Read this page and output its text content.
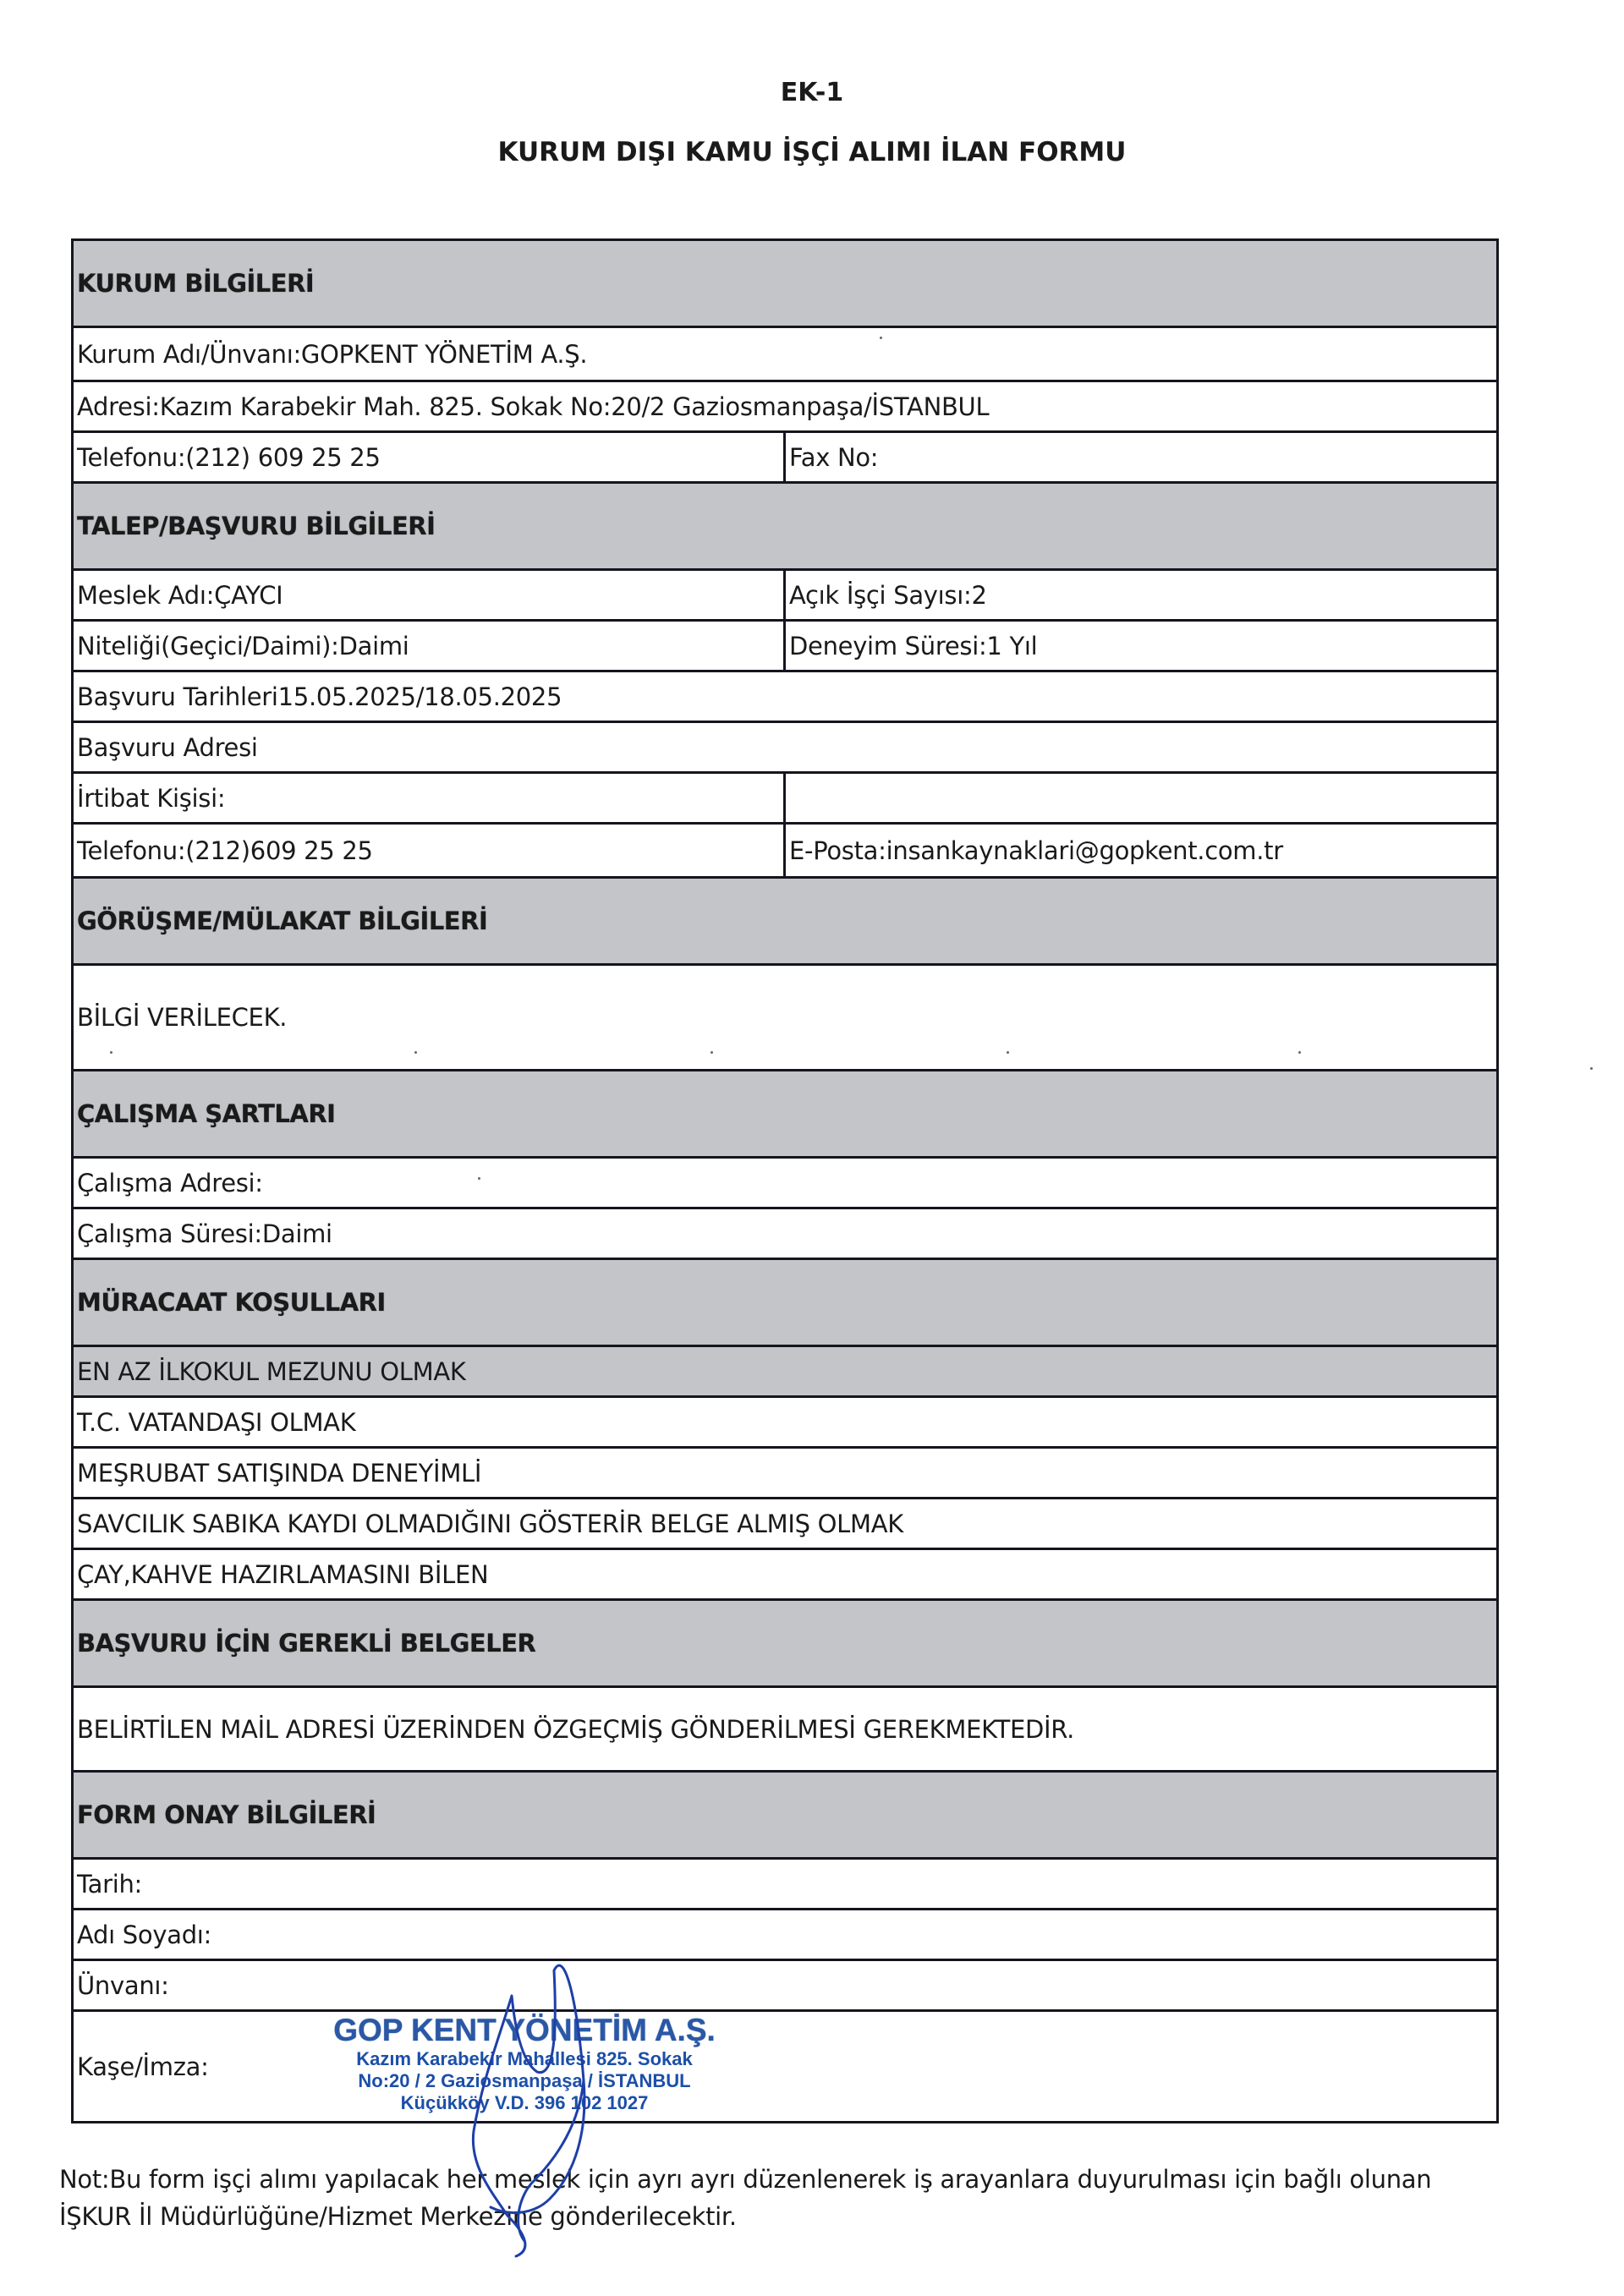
EK-1
KURUM DIŞI KAMU İŞÇİ ALIMI İLAN FORMU
KURUM BİLGİLERİ
Kurum Adı/Ünvanı:GOPKENT YÖNETİM A.Ş.
Adresi:Kazım Karabekir Mah. 825. Sokak No:20/2 Gaziosmanpaşa/İSTANBUL
Telefonu:(212) 609 25 25	Fax No:
TALEP/BAŞVURU BİLGİLERİ
Meslek Adı:ÇAYCI	Açık İşçi Sayısı:2
Niteliği(Geçici/Daimi):Daimi	Deneyim Süresi:1 Yıl
Başvuru Tarihleri15.05.2025/18.05.2025
Başvuru Adresi
İrtibat Kişisi:
Telefonu:(212)609 25 25	E-Posta:insankaynaklari@gopkent.com.tr
GÖRÜŞME/MÜLAKAT BİLGİLERİ
BİLGİ VERİLECEK.
ÇALIŞMA ŞARTLARI
Çalışma Adresi:
Çalışma Süresi:Daimi
MÜRACAAT KOŞULLARI
EN AZ İLKOKUL MEZUNU OLMAK
T.C. VATANDAŞI OLMAK
MEŞRUBAT SATIŞINDA DENEYİMLİ
SAVCILIK SABIKA KAYDI OLMADIĞINI GÖSTERİR BELGE ALMIŞ OLMAK
ÇAY,KAHVE HAZIRLAMASINI BİLEN
BAŞVURU İÇİN GEREKLİ BELGELER
BELİRTİLEN MAİL ADRESİ ÜZERİNDEN ÖZGEÇMİŞ GÖNDERİLMESİ GEREKMEKTEDİR.
FORM ONAY BİLGİLERİ
Tarih:
Adı Soyadı:
Ünvanı:
Kaşe/İmza:
GOP KENT YÖNETİM A.Ş.
Kazım Karabekir Mahallesi 825. Sokak
No:20 / 2 Gaziosmanpaşa / İSTANBUL
Küçükköy V.D. 396 102 1027
Not:Bu form işçi alımı yapılacak her meslek için ayrı ayrı düzenlenerek iş arayanlara duyurulması için bağlı olunan
İŞKUR İl Müdürlüğüne/Hizmet Merkezine gönderilecektir.
